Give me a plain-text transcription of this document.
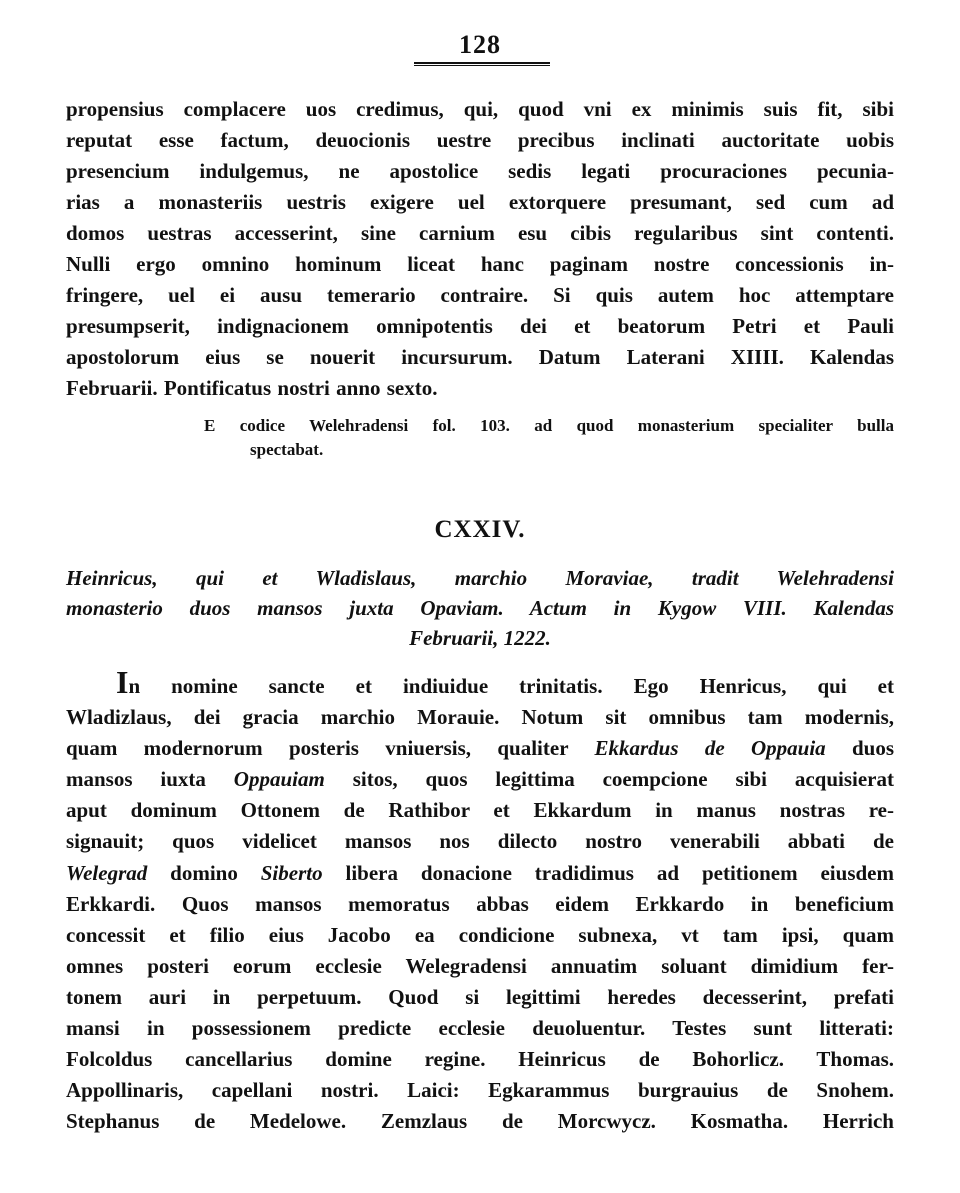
128
propensius complacere uos credimus, qui, quod vni ex minimis suis fit, sibi
reputat esse factum, deuocionis uestre precibus inclinati auctoritate uobis
presencium indulgemus, ne apostolice sedis legati procuraciones pecunia-
rias a monasteriis uestris exigere uel extorquere presumant, sed cum ad
domos uestras accesserint, sine carnium esu cibis regularibus sint contenti.
Nulli ergo omnino hominum liceat hanc paginam nostre concessionis in-
fringere, uel ei ausu temerario contraire. Si quis autem hoc attemptare
presumpserit, indignacionem omnipotentis dei et beatorum Petri et Pauli
apostolorum eius se nouerit incursurum. Datum Laterani XIIII. Kalendas
Februarii. Pontificatus nostri anno sexto.
E codice Welehradensi fol. 103. ad quod monasterium specialiter bulla
spectabat.
CXXIV.
Heinricus, qui et Wladislaus, marchio Moraviae, tradit Welehradensi
monasterio duos mansos juxta Opaviam. Actum in Kygow VIII. Kalendas
Februarii, 1222.
In nomine sancte et indiuidue trinitatis. Ego Henricus, qui et
Wladizlaus, dei gracia marchio Morauie. Notum sit omnibus tam modernis,
quam modernorum posteris vniuersis, qualiter Ekkardus de Oppauia duos
mansos iuxta Oppauiam sitos, quos legittima coempcione sibi acquisierat
aput dominum Ottonem de Rathibor et Ekkardum in manus nostras re-
signauit; quos videlicet mansos nos dilecto nostro venerabili abbati de
Welegrad domino Siberto libera donacione tradidimus ad petitionem eiusdem
Erkkardi. Quos mansos memoratus abbas eidem Erkkardo in beneficium
concessit et filio eius Jacobo ea condicione subnexa, vt tam ipsi, quam
omnes posteri eorum ecclesie Welegradensi annuatim soluant dimidium fer-
tonem auri in perpetuum. Quod si legittimi heredes decesserint, prefati
mansi in possessionem predicte ecclesie deuoluentur. Testes sunt litterati:
Folcoldus cancellarius domine regine. Heinricus de Bohorlicz. Thomas.
Appollinaris, capellani nostri. Laici: Egkarammus burgrauius de Snohem.
Stephanus de Medelowe. Zemzlaus de Morcwycz. Kosmatha. Herrich
